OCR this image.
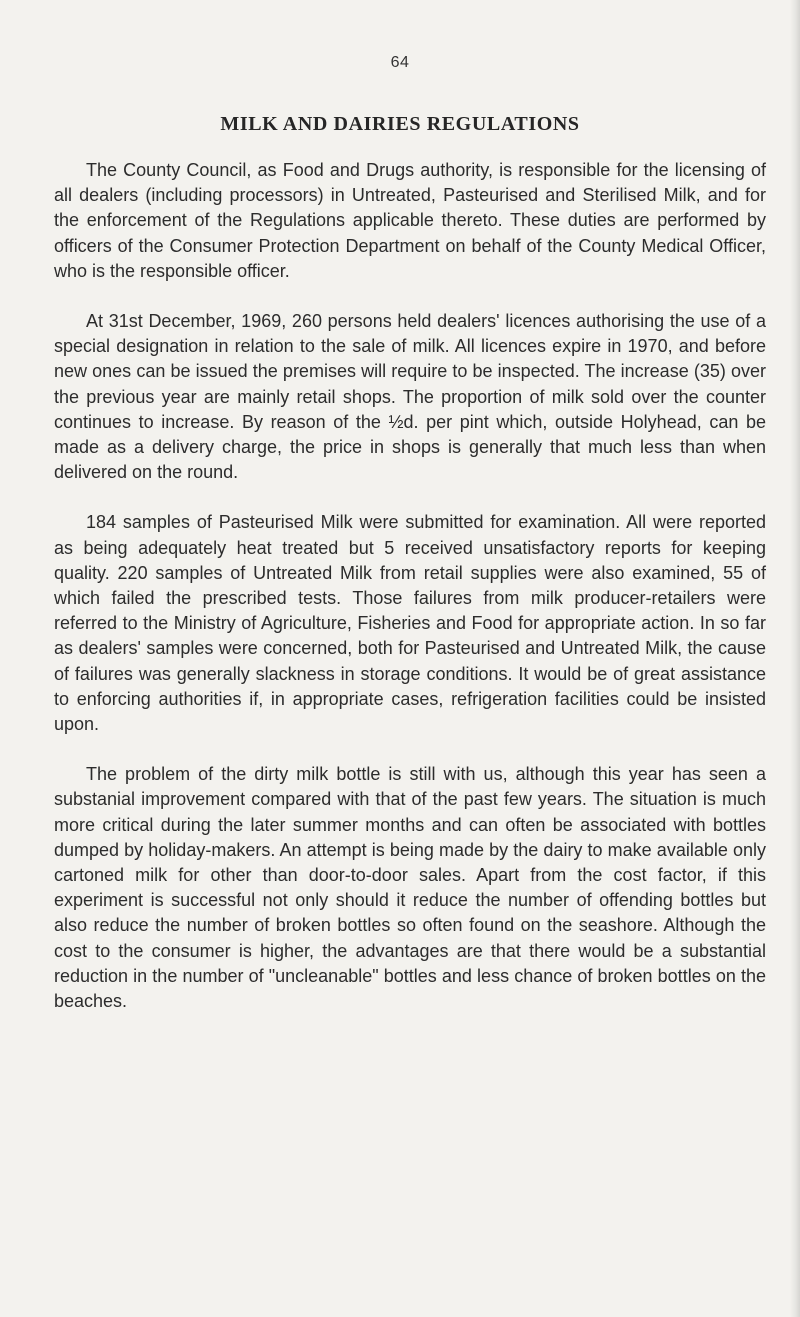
64
MILK AND DAIRIES REGULATIONS

The County Council, as Food and Drugs authority, is responsible for the licensing of all dealers (including processors) in Untreated, Pasteurised and Sterilised Milk, and for the enforcement of the Regulations applicable thereto. These duties are performed by officers of the Consumer Protection Department on behalf of the County Medical Officer, who is the responsible officer.

At 31st December, 1969, 260 persons held dealers' licences authorising the use of a special designation in relation to the sale of milk. All licences expire in 1970, and before new ones can be issued the premises will require to be inspected. The increase (35) over the previous year are mainly retail shops. The proportion of milk sold over the counter continues to increase. By reason of the ½d. per pint which, outside Holyhead, can be made as a delivery charge, the price in shops is generally that much less than when delivered on the round.

184 samples of Pasteurised Milk were submitted for examination. All were reported as being adequately heat treated but 5 received unsatisfactory reports for keeping quality. 220 samples of Untreated Milk from retail supplies were also examined, 55 of which failed the prescribed tests. Those failures from milk producer-retailers were referred to the Ministry of Agriculture, Fisheries and Food for appropriate action. In so far as dealers' samples were concerned, both for Pasteurised and Untreated Milk, the cause of failures was generally slackness in storage conditions. It would be of great assistance to enforcing authorities if, in appropriate cases, refrigeration facilities could be insisted upon.

The problem of the dirty milk bottle is still with us, although this year has seen a substanial improvement compared with that of the past few years. The situation is much more critical during the later summer months and can often be associated with bottles dumped by holiday-makers. An attempt is being made by the dairy to make available only cartoned milk for other than door-to-door sales. Apart from the cost factor, if this experiment is successful not only should it reduce the number of offending bottles but also reduce the number of broken bottles so often found on the seashore. Although the cost to the consumer is higher, the advantages are that there would be a substantial reduction in the number of "uncleanable" bottles and less chance of broken bottles on the beaches.
